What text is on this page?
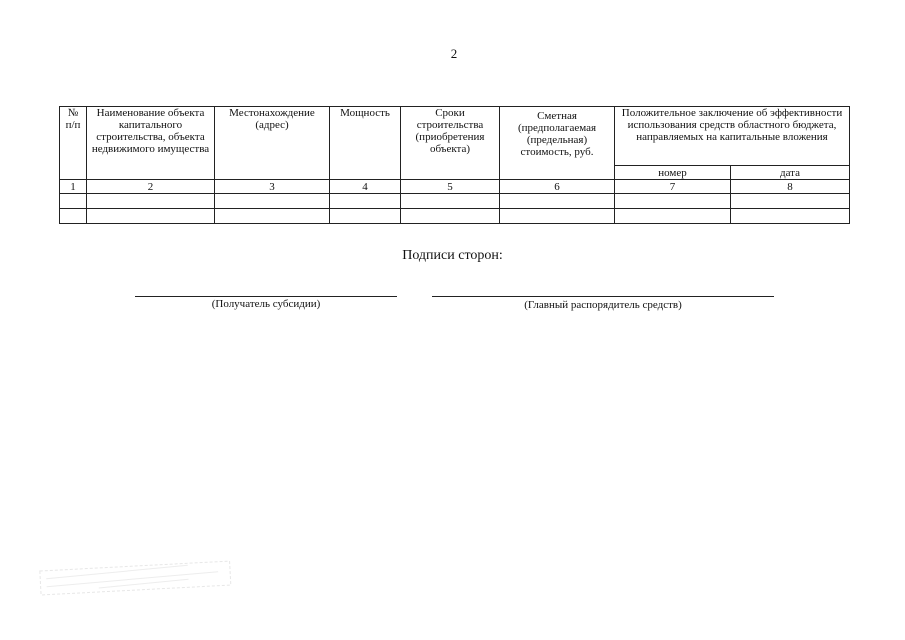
2
№ п/п	Наименование объекта капитального строительства, объекта недвижимого имущества	Местонахождение (адрес)	Мощность	Сроки строительства (приобретения объекта)	Сметная (предполагаемая (предельная) стоимость, руб.	Положительное заключение об эффективности использования средств областного бюджета, направляемых на капитальные вложения	
						номер	дата
1	2	3	4	5	6	7	8

Подписи сторон:
(Получатель субсидии)	(Главный распорядитель средств)
